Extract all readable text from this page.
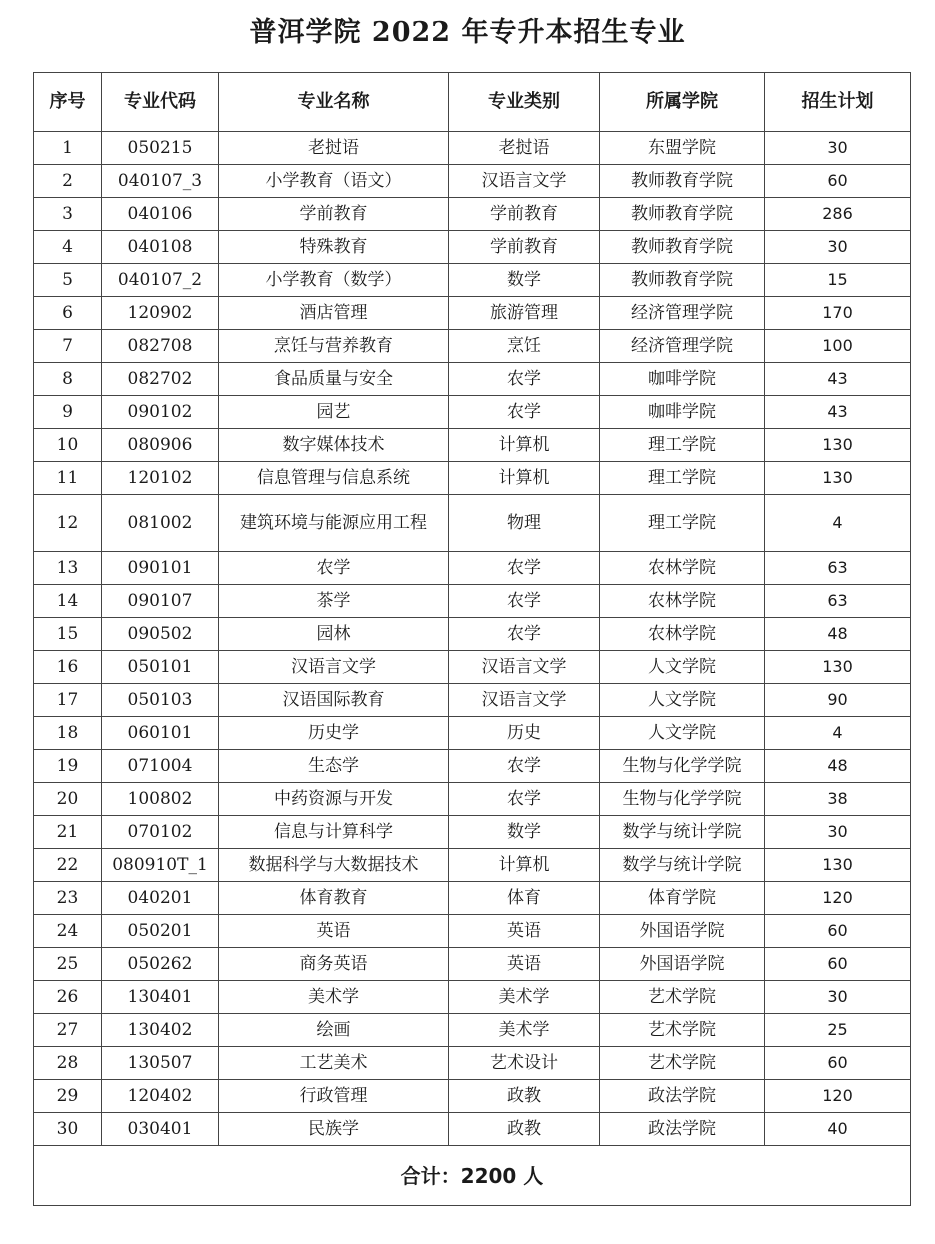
普洱学院 2022 年专升本招生专业
序号	专业代码	专业名称	专业类别	所属学院	招生计划
1	050215	老挝语	老挝语	东盟学院	30
2	040107_3	小学教育（语文）	汉语言文学	教师教育学院	60
3	040106	学前教育	学前教育	教师教育学院	286
4	040108	特殊教育	学前教育	教师教育学院	30
5	040107_2	小学教育（数学）	数学	教师教育学院	15
6	120902	酒店管理	旅游管理	经济管理学院	170
7	082708	烹饪与营养教育	烹饪	经济管理学院	100
8	082702	食品质量与安全	农学	咖啡学院	43
9	090102	园艺	农学	咖啡学院	43
10	080906	数字媒体技术	计算机	理工学院	130
11	120102	信息管理与信息系统	计算机	理工学院	130
12	081002	建筑环境与能源应用工程	物理	理工学院	4
13	090101	农学	农学	农林学院	63
14	090107	茶学	农学	农林学院	63
15	090502	园林	农学	农林学院	48
16	050101	汉语言文学	汉语言文学	人文学院	130
17	050103	汉语国际教育	汉语言文学	人文学院	90
18	060101	历史学	历史	人文学院	4
19	071004	生态学	农学	生物与化学学院	48
20	100802	中药资源与开发	农学	生物与化学学院	38
21	070102	信息与计算科学	数学	数学与统计学院	30
22	080910T_1	数据科学与大数据技术	计算机	数学与统计学院	130
23	040201	体育教育	体育	体育学院	120
24	050201	英语	英语	外国语学院	60
25	050262	商务英语	英语	外国语学院	60
26	130401	美术学	美术学	艺术学院	30
27	130402	绘画	美术学	艺术学院	25
28	130507	工艺美术	艺术设计	艺术学院	60
29	120402	行政管理	政教	政法学院	120
30	030401	民族学	政教	政法学院	40
合计：2200 人					
